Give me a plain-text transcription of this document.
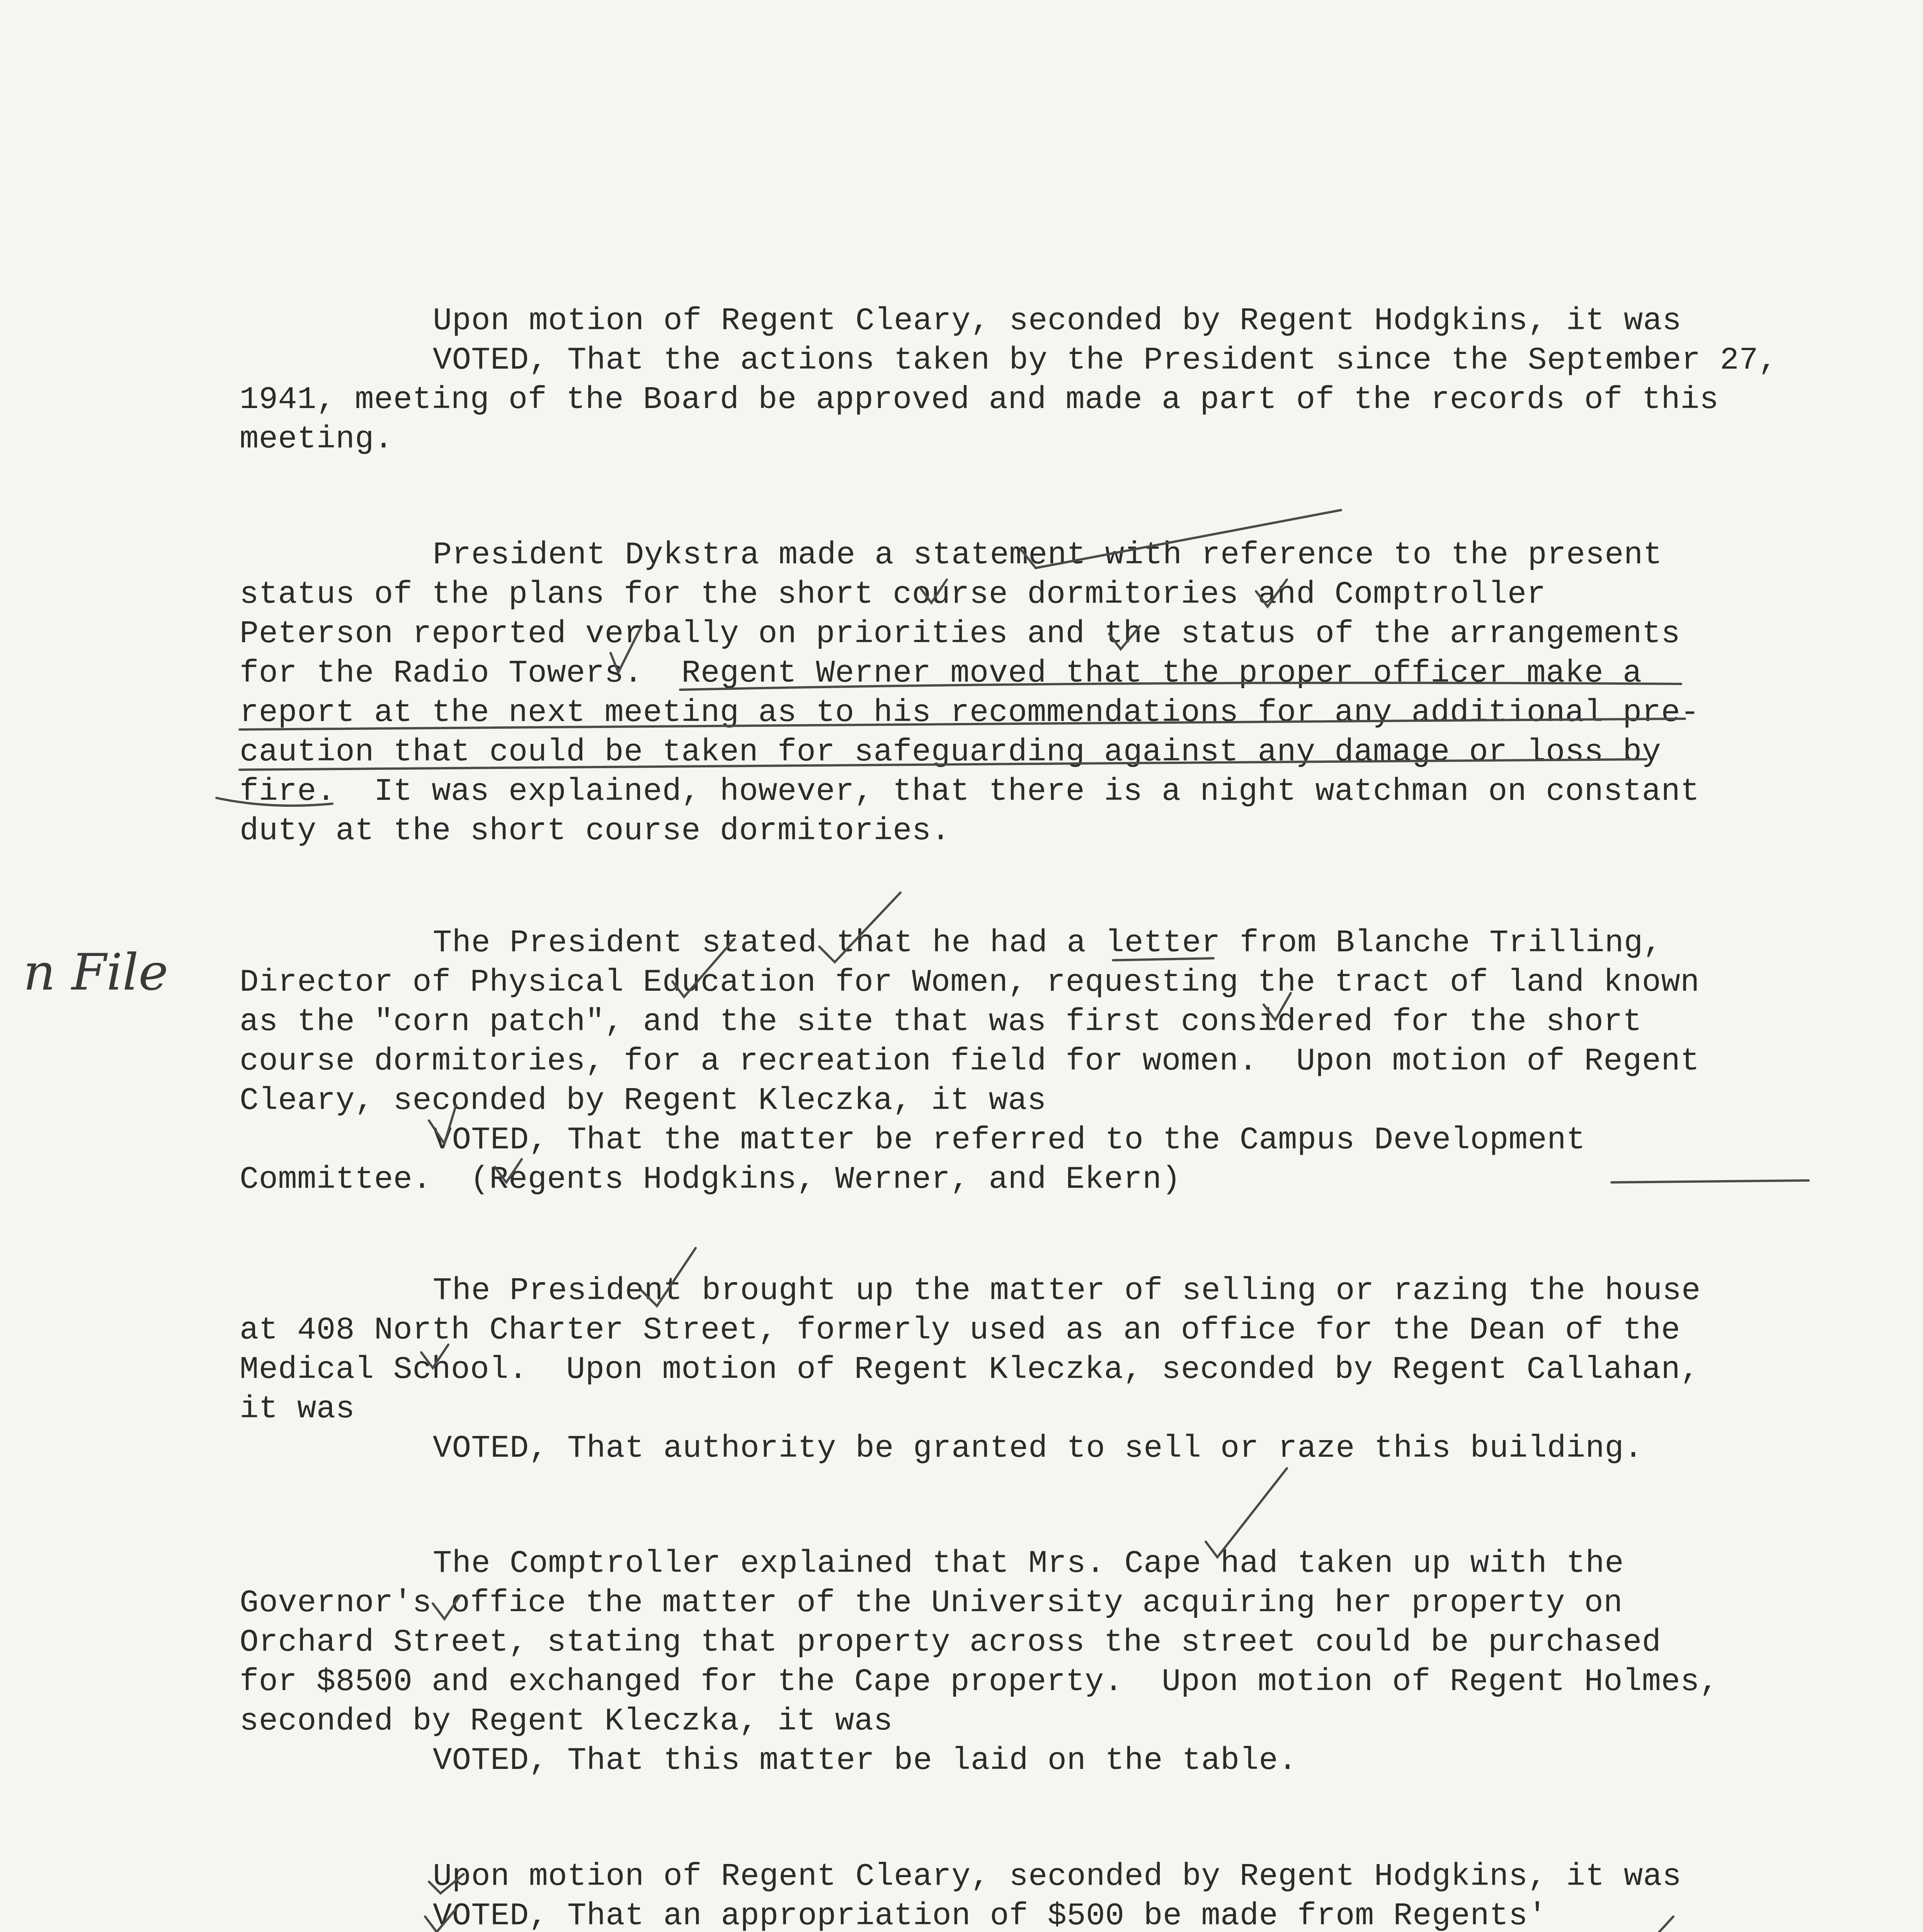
Upon motion of Regent Cleary, seconded by Regent Hodgkins, it was
VOTED, That the actions taken by the President since the September 27,
1941, meeting of the Board be approved and made a part of the records of this
meeting.
President Dykstra made a statement with reference to the present
status of the plans for the short course dormitories and Comptroller
Peterson reported verbally on priorities and the status of the arrangements
for the Radio Towers.  Regent Werner moved that the proper officer make a
report at the next meeting as to his recommendations for any additional pre-
caution that could be taken for safeguarding against any damage or loss by
fire.  It was explained, however, that there is a night watchman on constant
duty at the short course dormitories.
n File	The President stated that he had a letter from Blanche Trilling,
Director of Physical Education for Women, requesting the tract of land known
as the "corn patch", and the site that was first considered for the short
course dormitories, for a recreation field for women.  Upon motion of Regent
Cleary, seconded by Regent Kleczka, it was
VOTED, That the matter be referred to the Campus Development
Committee.  (Regents Hodgkins, Werner, and Ekern)
The President brought up the matter of selling or razing the house
at 408 North Charter Street, formerly used as an office for the Dean of the
Medical School.  Upon motion of Regent Kleczka, seconded by Regent Callahan,
it was
VOTED, That authority be granted to sell or raze this building.
The Comptroller explained that Mrs. Cape had taken up with the
Governor's office the matter of the University acquiring her property on
Orchard Street, stating that property across the street could be purchased
for $8500 and exchanged for the Cape property.  Upon motion of Regent Holmes,
seconded by Regent Kleczka, it was
VOTED, That this matter be laid on the table.
Upon motion of Regent Cleary, seconded by Regent Hodgkins, it was
VOTED, That an appropriation of $500 be made from Regents'
